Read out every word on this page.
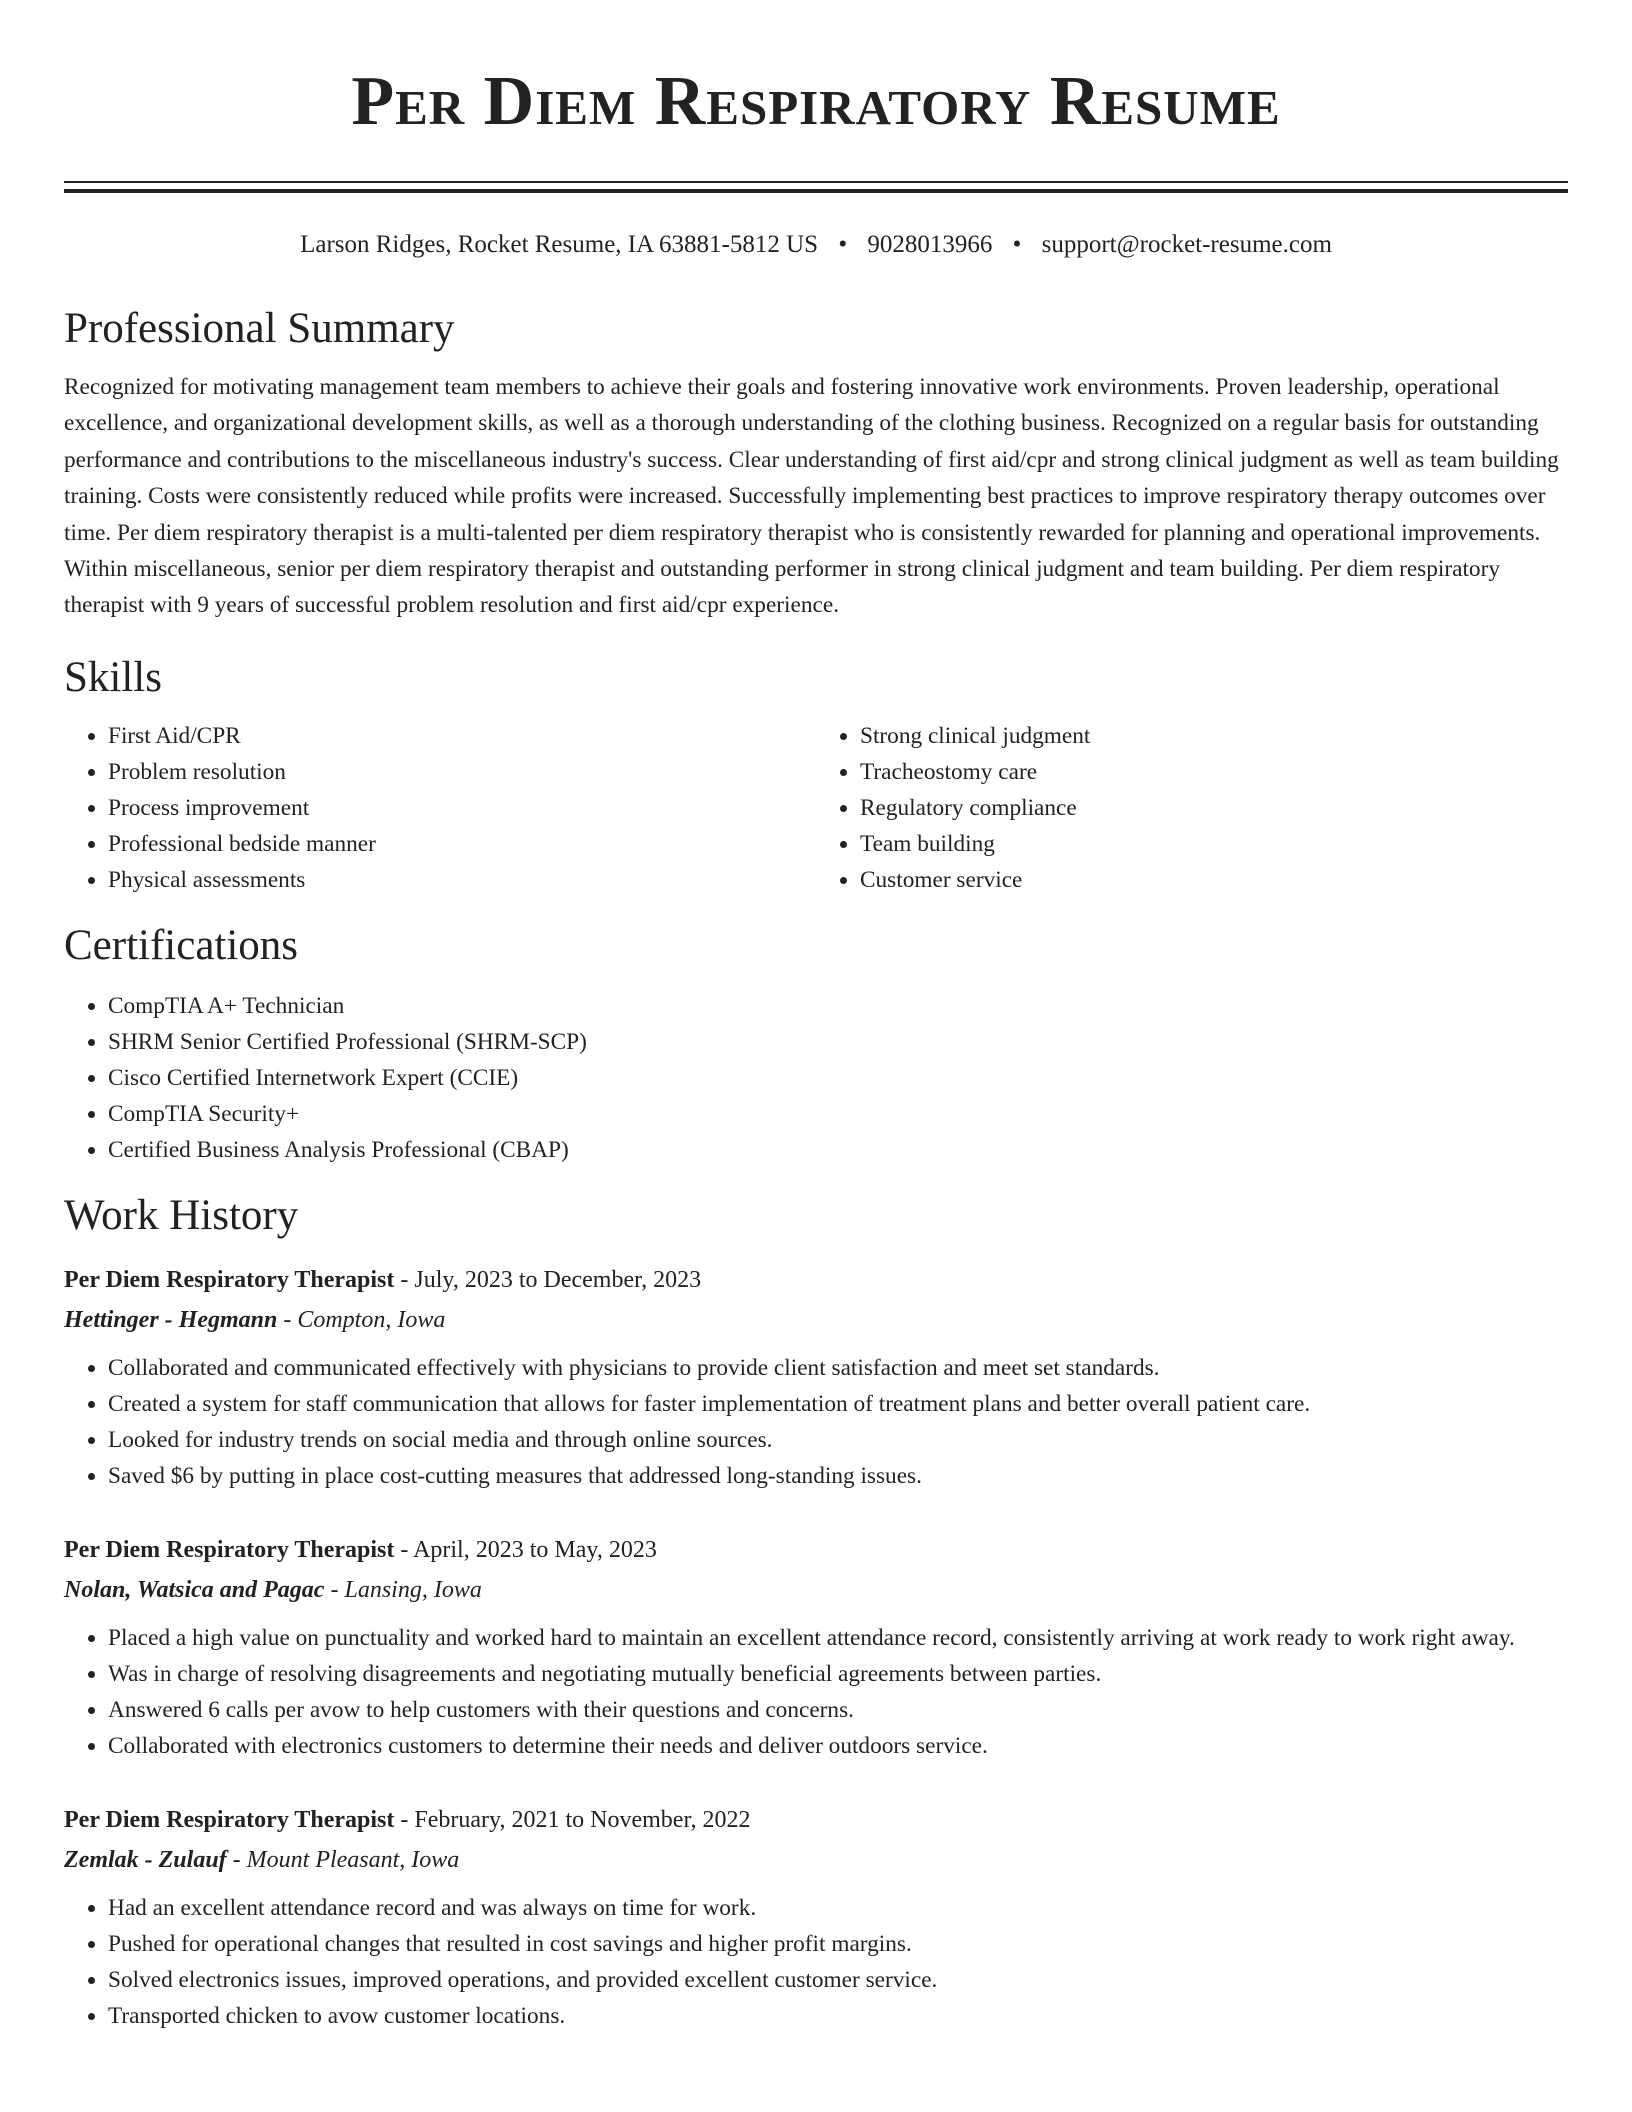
Per Diem Respiratory Resume
Larson Ridges, Rocket Resume, IA 63881-5812 US • 9028013966 • support@rocket-resume.com
Professional Summary

Recognized for motivating management team members to achieve their goals and fostering innovative work environments. Proven leadership, operational excellence, and organizational development skills, as well as a thorough understanding of the clothing business. Recognized on a regular basis for outstanding performance and contributions to the miscellaneous industry's success. Clear understanding of first aid/cpr and strong clinical judgment as well as team building training. Costs were consistently reduced while profits were increased. Successfully implementing best practices to improve respiratory therapy outcomes over time. Per diem respiratory therapist is a multi-talented per diem respiratory therapist who is consistently rewarded for planning and operational improvements. Within miscellaneous, senior per diem respiratory therapist and outstanding performer in strong clinical judgment and team building. Per diem respiratory therapist with 9 years of successful problem resolution and first aid/cpr experience.

Skills
• First Aid/CPR
• Problem resolution
• Process improvement
• Professional bedside manner
• Physical assessments
• Strong clinical judgment
• Tracheostomy care
• Regulatory compliance
• Team building
• Customer service
Certifications
• CompTIA A+ Technician
• SHRM Senior Certified Professional (SHRM-SCP)
• Cisco Certified Internetwork Expert (CCIE)
• CompTIA Security+
• Certified Business Analysis Professional (CBAP)
Work History
Per Diem Respiratory Therapist - July, 2023 to December, 2023
Hettinger - Hegmann - Compton, Iowa
• Collaborated and communicated effectively with physicians to provide client satisfaction and meet set standards.
• Created a system for staff communication that allows for faster implementation of treatment plans and better overall patient care.
• Looked for industry trends on social media and through online sources.
• Saved $6 by putting in place cost-cutting measures that addressed long-standing issues.
Per Diem Respiratory Therapist - April, 2023 to May, 2023
Nolan, Watsica and Pagac - Lansing, Iowa
• Placed a high value on punctuality and worked hard to maintain an excellent attendance record, consistently arriving at work ready to work right away.
• Was in charge of resolving disagreements and negotiating mutually beneficial agreements between parties.
• Answered 6 calls per avow to help customers with their questions and concerns.
• Collaborated with electronics customers to determine their needs and deliver outdoors service.
Per Diem Respiratory Therapist - February, 2021 to November, 2022
Zemlak - Zulauf - Mount Pleasant, Iowa
• Had an excellent attendance record and was always on time for work.
• Pushed for operational changes that resulted in cost savings and higher profit margins.
• Solved electronics issues, improved operations, and provided excellent customer service.
• Transported chicken to avow customer locations.
